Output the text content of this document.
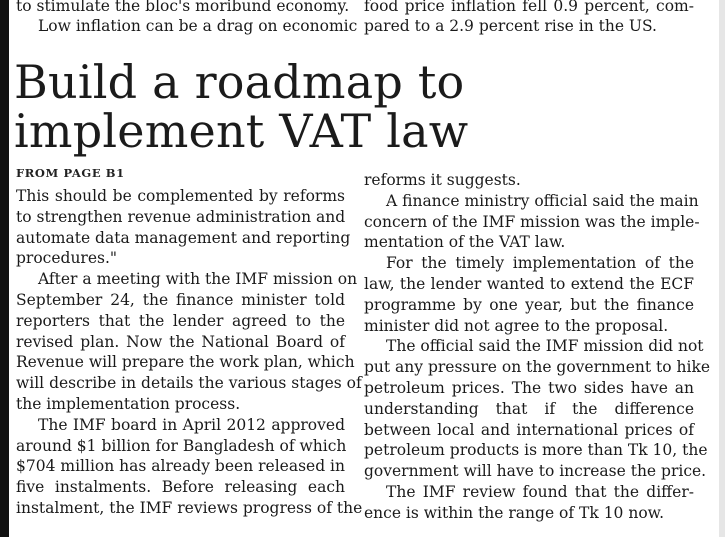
to stimulate the bloc's moribund economy.

Low inflation can be a drag on economic

food price inflation fell 0.9 percent, com-

pared to a 2.9 percent rise in the US.

Build a roadmap to
implement VAT law
FROM PAGE B1
This should be complemented by reforms
to strengthen revenue administration and
automate data management and reporting
procedures."
After a meeting with the IMF mission on
September 24, the finance minister told
reporters that the lender agreed to the
revised plan. Now the National Board of
Revenue will prepare the work plan, which
will describe in details the various stages of
the implementation process.
The IMF board in April 2012 approved
around $1 billion for Bangladesh of which
$704 million has already been released in
five instalments. Before releasing each
instalment, the IMF reviews progress of the
reforms it suggests.
A finance ministry official said the main
concern of the IMF mission was the imple-
mentation of the VAT law.
For the timely implementation of the
law, the lender wanted to extend the ECF
programme by one year, but the finance
minister did not agree to the proposal.
The official said the IMF mission did not
put any pressure on the government to hike
petroleum prices. The two sides have an
understanding that if the difference
between local and international prices of
petroleum products is more than Tk 10, the
government will have to increase the price.
The IMF review found that the differ-
ence is within the range of Tk 10 now.
